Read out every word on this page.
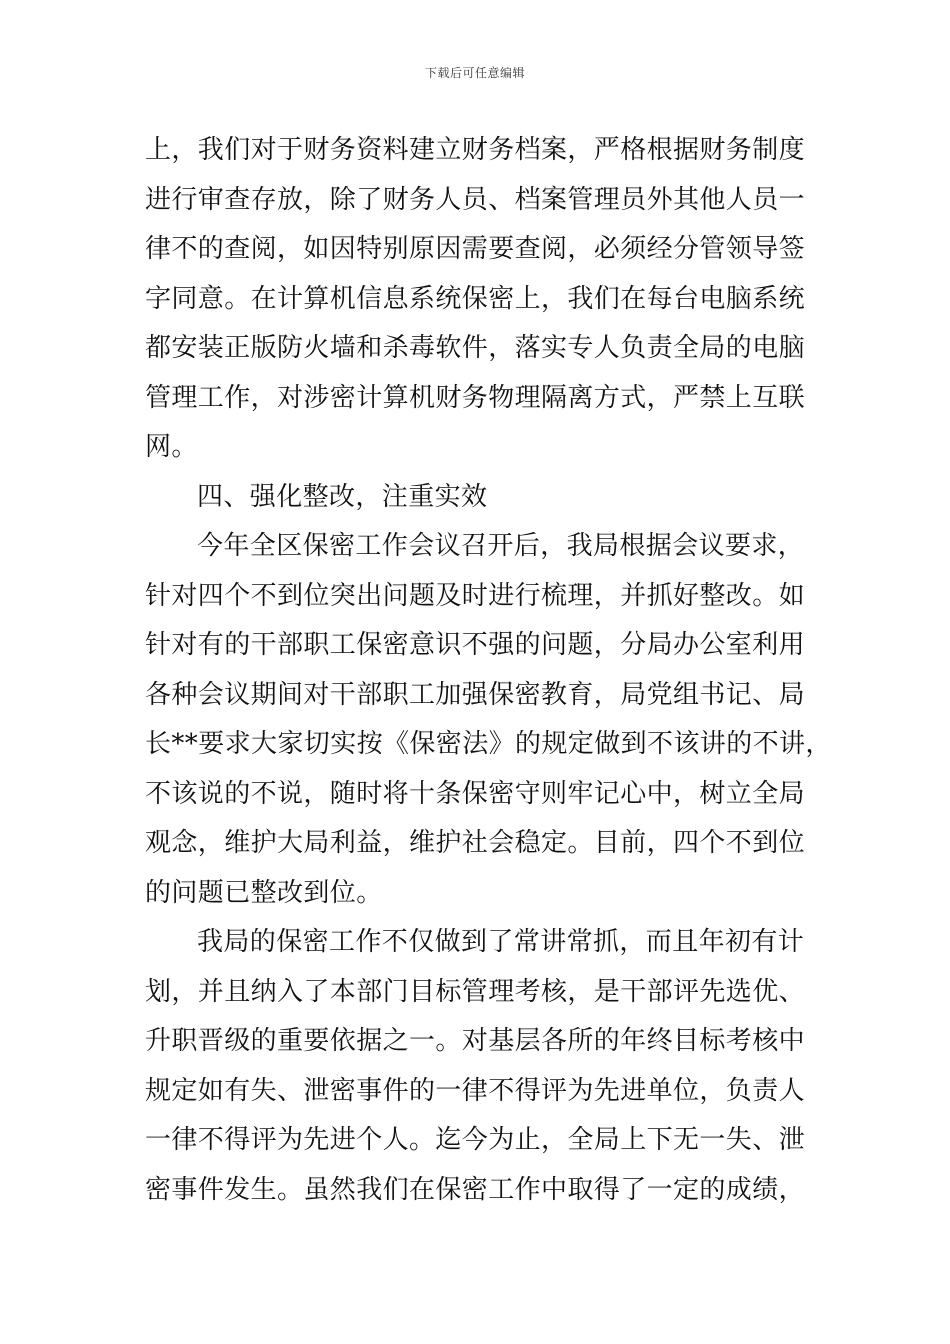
下载后可任意编辑

上，我们对于财务资料建立财务档案，严格根据财务制度
进行审查存放，除了财务人员、档案管理员外其他人员一
律不的查阅，如因特别原因需要查阅，必须经分管领导签
字同意。在计算机信息系统保密上，我们在每台电脑系统
都安装正版防火墙和杀毒软件，落实专人负责全局的电脑
管理工作，对涉密计算机财务物理隔离方式，严禁上互联
网。

四、强化整改，注重实效

今年全区保密工作会议召开后，我局根据会议要求，
针对四个不到位突出问题及时进行梳理，并抓好整改。如
针对有的干部职工保密意识不强的问题，分局办公室利用
各种会议期间对干部职工加强保密教育，局党组书记、局
长**要求大家切实按《保密法》的规定做到不该讲的不讲，
不该说的不说，随时将十条保密守则牢记心中，树立全局
观念，维护大局利益，维护社会稳定。目前，四个不到位
的问题已整改到位。

我局的保密工作不仅做到了常讲常抓，而且年初有计
划，并且纳入了本部门目标管理考核，是干部评先选优、
升职晋级的重要依据之一。对基层各所的年终目标考核中
规定如有失、泄密事件的一律不得评为先进单位，负责人
一律不得评为先进个人。迄今为止，全局上下无一失、泄
密事件发生。虽然我们在保密工作中取得了一定的成绩，
